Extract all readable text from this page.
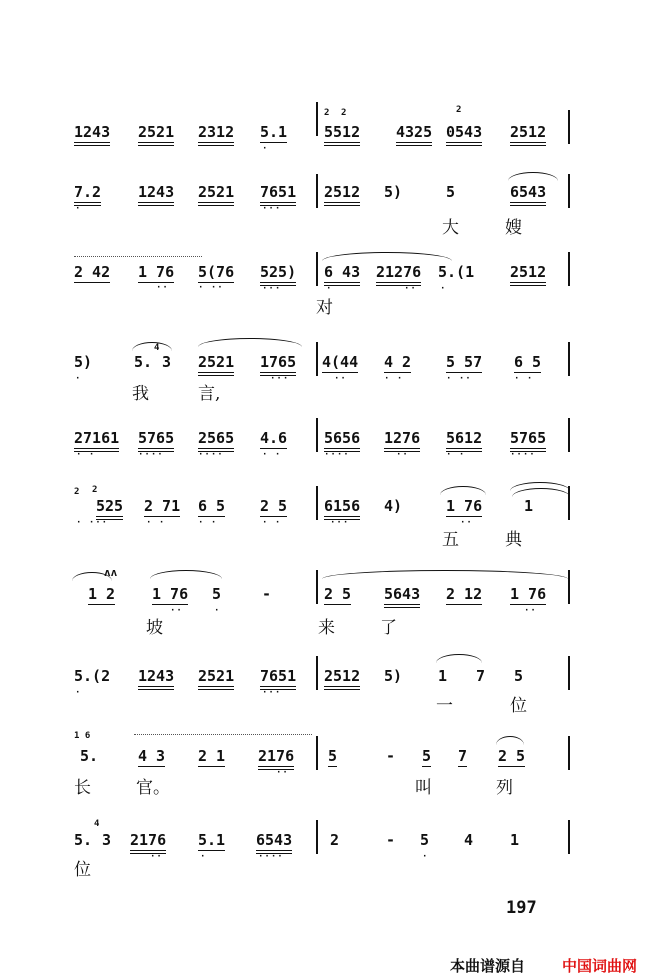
1243 2521 2312 5.1
·
2 2
5512 4325
2
0543 2512
7.2
·
1243 2521 7651
···
2512 5)	5	6543
大	嫂
2 42 1 76
··
5(76
· ··
525)
···
6 43
·
21276
··
5.(1
·
2512
对
5)
·
5.
4
3 2521 1765
···
4(44
··
4 2
· ·
5 57
· ··
6 5
· ·
我	言,
27161
· ·
5765
····
2565
····
4.6
· ·
5656
····
1276
··
5612
· ·
5765
····
2 2
525
· ···
2 71
· ·
6 5
· ·
2 5
· ·
6156
···
4)	1 76
··
1
五	典
ʌʌ
1 2 1 76
··
5
·
-	2 5 5643 2 12 1 76
··
坡	来	了
5.(2
·
1243 2521 7651
···
2512 5) 1 7 5
一	位
1 6
5.	4 3 2 1 2176
··
5	- 5 7 2 5
长	官。	叫	列
5.
4
3 2176
··
5.1
·
6543
····
2	- 5
·
4 1
位
197
本曲谱源自 中国词曲网
